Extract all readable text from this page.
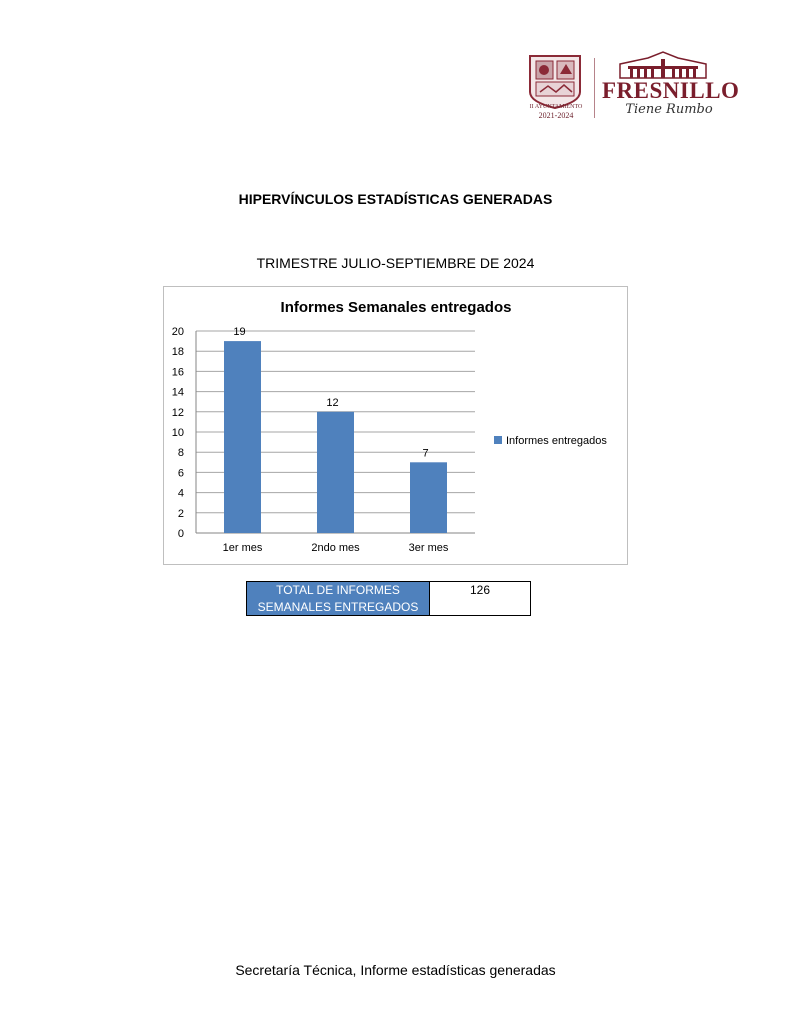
II AYUNTAMIENTO
2021-2024
FRESNILLO
Tiene Rumbo
HIPERVÍNCULOS ESTADÍSTICAS GENERADAS
TRIMESTRE JULIO-SEPTIEMBRE DE 2024
Informes Semanales entregados
0
2
4
6
8
10
12
14
16
18
20	19
1er mes
12
2ndo mes
7
3er mes
Informes entregados
TOTAL DE INFORMES
SEMANALES ENTREGADOS
126
Secretaría Técnica, Informe estadísticas generadas
